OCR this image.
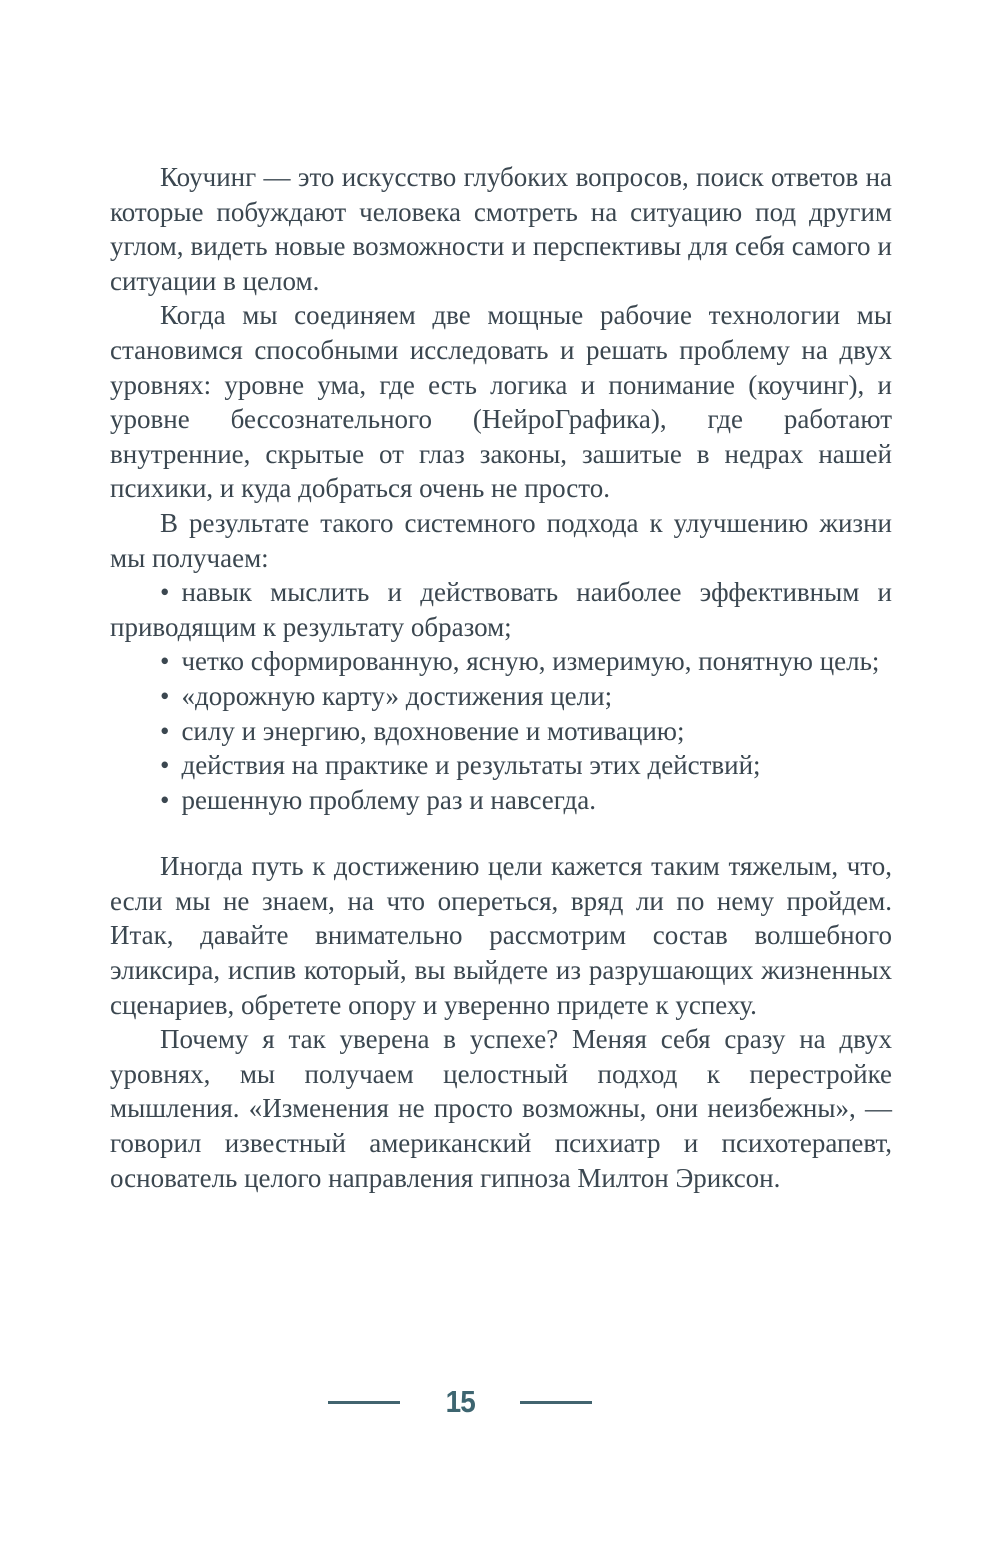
Коучинг — это искусство глубоких вопросов, поиск ответов на которые побуждают человека смотреть на ситуацию под другим углом, видеть новые возможности и перспективы для себя самого и ситуации в целом.

Когда мы соединяем две мощные рабочие технологии мы становимся способными исследовать и решать проблему на двух уровнях: уровне ума, где есть логика и понимание (коучинг), и уровне бессознательного (НейроГрафика), где работают внутренние, скрытые от глаз законы, зашитые в недрах нашей психики, и куда добраться очень не просто.

В результате такого системного подхода к улучшению жизни мы получаем:

• навык мыслить и действовать наиболее эффективным и приводящим к результату образом;

• четко сформированную, ясную, измеримую, понятную цель;

• «дорожную карту» достижения цели;

• силу и энергию, вдохновение и мотивацию;

• действия на практике и результаты этих действий;

• решенную проблему раз и навсегда.

Иногда путь к достижению цели кажется таким тяжелым, что, если мы не знаем, на что опереться, вряд ли по нему пройдем. Итак, давайте внимательно рассмотрим состав волшебного эликсира, испив который, вы выйдете из разрушающих жизненных сценариев, обретете опору и уверенно придете к успеху.

Почему я так уверена в успехе? Меняя себя сразу на двух уровнях, мы получаем целостный подход к перестройке мышления. «Изменения не просто возможны, они неизбежны», — говорил известный американский психиатр и психотерапевт, основатель целого направления гипноза Милтон Эриксон.

15
